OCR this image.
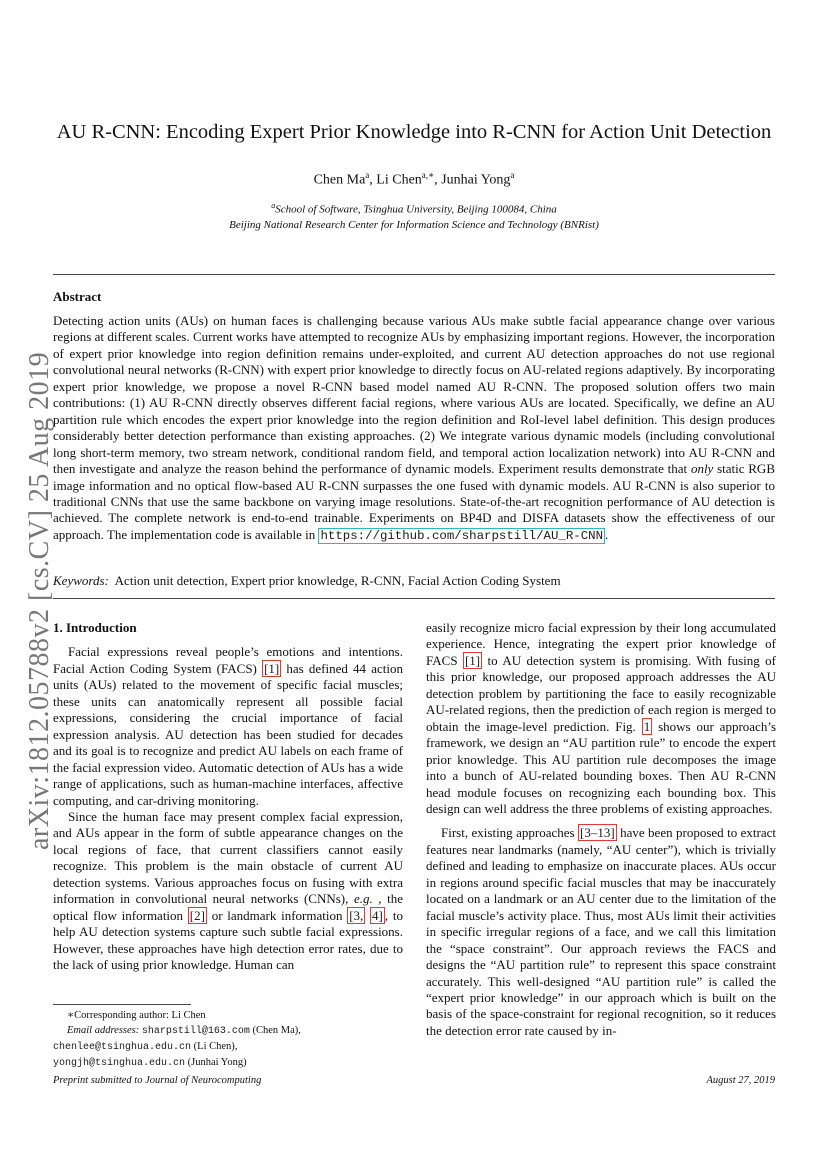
arXiv:1812.05788v2 [cs.CV] 25 Aug 2019
AU R-CNN: Encoding Expert Prior Knowledge into R-CNN for Action Unit Detection
Chen Ma$^a$, Li Chen$^{a,∗}$, Junhai Yong$^a$
$^a$School of Software, Tsinghua University, Beijing 100084, China
Beijing National Research Center for Information Science and Technology (BNRist)
Abstract
Detecting action units (AUs) on human faces is challenging because various AUs make subtle facial appearance change over various regions at different scales. Current works have attempted to recognize AUs by emphasizing important regions. However, the incorporation of expert prior knowledge into region definition remains under-exploited, and current AU detection approaches do not use regional convolutional neural networks (R-CNN) with expert prior knowledge to directly focus on AU-related regions adaptively. By incorporating expert prior knowledge, we propose a novel R-CNN based model named AU R-CNN. The proposed solution offers two main contributions: (1) AU R-CNN directly observes different facial regions, where various AUs are located. Specifically, we define an AU partition rule which encodes the expert prior knowledge into the region definition and RoI-level label definition. This design produces considerably better detection performance than existing approaches. (2) We integrate various dynamic models (including convolutional long short-term memory, two stream network, conditional random field, and temporal action localization network) into AU R-CNN and then investigate and analyze the reason behind the performance of dynamic models. Experiment results demonstrate that only static RGB image information and no optical flow-based AU R-CNN surpasses the one fused with dynamic models. AU R-CNN is also superior to traditional CNNs that use the same backbone on varying image resolutions. State-of-the-art recognition performance of AU detection is achieved. The complete network is end-to-end trainable. Experiments on BP4D and DISFA datasets show the effectiveness of our approach. The implementation code is available in https://github.com/sharpstill/AU_R-CNN .
Keywords: Action unit detection, Expert prior knowledge, R-CNN, Facial Action Coding System
1. Introduction

Facial expressions reveal people’s emotions and intentions. Facial Action Coding System (FACS) [1] has defined 44 action units (AUs) related to the movement of specific facial muscles; these units can anatomically represent all possible facial expressions, considering the crucial importance of facial expression analysis. AU detection has been studied for decades and its goal is to recognize and predict AU labels on each frame of the facial expression video. Automatic detection of AUs has a wide range of applications, such as human-machine interfaces, affective computing, and car-driving monitoring.

Since the human face may present complex facial expression, and AUs appear in the form of subtle appearance changes on the local regions of face, that current classifiers cannot easily recognize. This problem is the main obstacle of current AU detection systems. Various approaches focus on fusing with extra information in convolutional neural networks (CNNs), e.g. , the optical flow information [2] or landmark information [3, 4] , to help AU detection systems capture such subtle facial expressions. However, these approaches have high detection error rates, due to the lack of using prior knowledge. Human can

easily recognize micro facial expression by their long accumulated experience. Hence, integrating the expert prior knowledge of FACS [1] to AU detection system is promising. With fusing of this prior knowledge, our proposed approach addresses the AU detection problem by partitioning the face to easily recognizable AU-related regions, then the prediction of each region is merged to obtain the image-level prediction. Fig. 1 shows our approach’s framework, we design an “AU partition rule” to encode the expert prior knowledge. This AU partition rule decomposes the image into a bunch of AU-related bounding boxes. Then AU R-CNN head module focuses on recognizing each bounding box. This design can well address the three problems of existing approaches.

First, existing approaches [3–13] have been proposed to extract features near landmarks (namely, “AU center”), which is trivially defined and leading to emphasize on inaccurate places. AUs occur in regions around specific facial muscles that may be inaccurately located on a landmark or an AU center due to the limitation of the facial muscle’s activity place. Thus, most AUs limit their activities in specific irregular regions of a face, and we call this limitation the “space constraint”. Our approach reviews the FACS and designs the “AU partition rule” to represent this space constraint accurately. This well-designed “AU partition rule” is called the “expert prior knowledge” in our approach which is built on the basis of the space-constraint for regional recognition, so it reduces the detection error rate caused by in-

∗Corresponding author: Li Chen
Email addresses: sharpstill@163.com (Chen Ma),
chenlee@tsinghua.edu.cn (Li Chen),
yongjh@tsinghua.edu.cn (Junhai Yong)
Preprint submitted to Journal of Neurocomputing	August 27, 2019
